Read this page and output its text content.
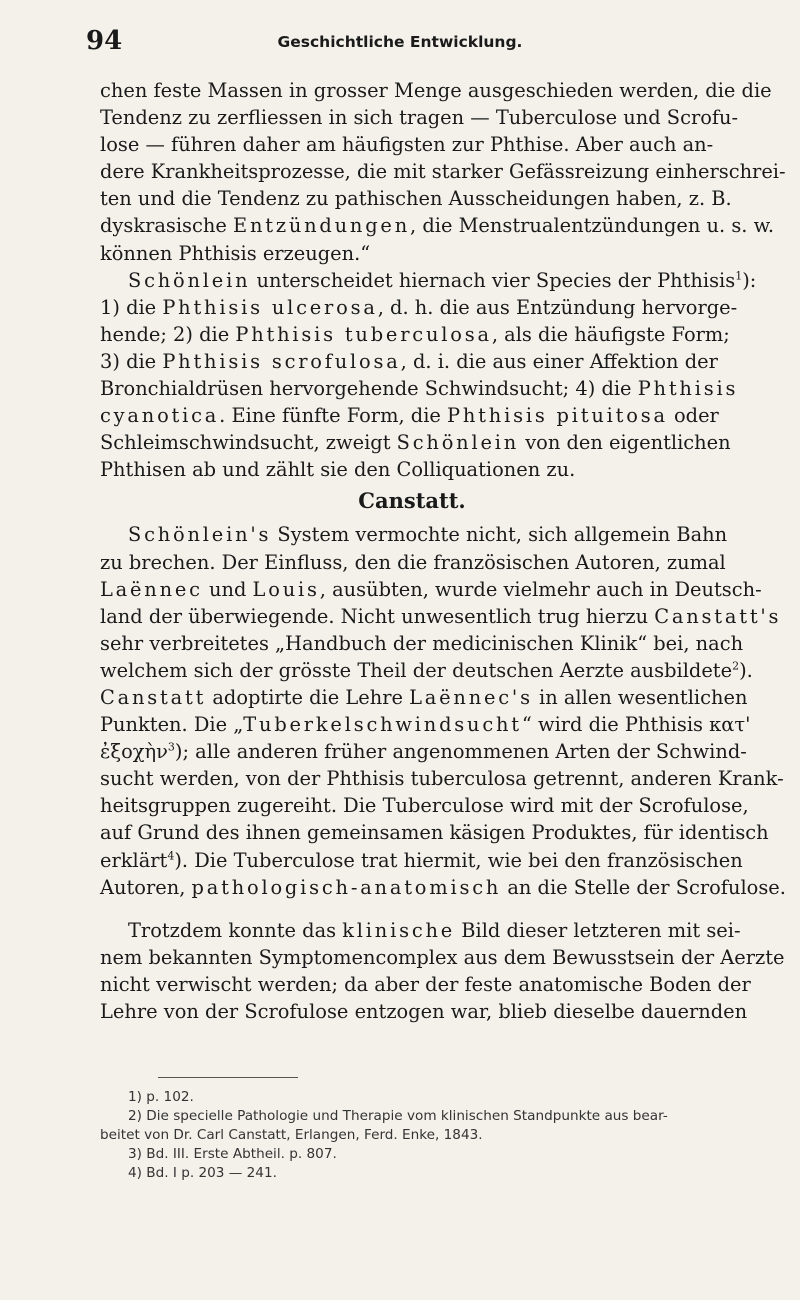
94	Geschichtliche Entwicklung.
chen feste Massen in grosser Menge ausgeschieden werden, die die
Tendenz zu zerfliessen in sich tragen — Tuberculose und Scrofu-
lose — führen daher am häufigsten zur Phthise. Aber auch an-
dere Krankheitsprozesse, die mit starker Gefässreizung einherschrei-
ten und die Tendenz zu pathischen Ausscheidungen haben, z. B.
dyskrasische Entzündungen, die Menstrualentzündungen u. s. w.
können Phthisis erzeugen.“
Schönlein unterscheidet hiernach vier Species der Phthisis$^1$):
1) die Phthisis ulcerosa, d. h. die aus Entzündung hervorge-
hende; 2) die Phthisis tuberculosa, als die häufigste Form;
3) die Phthisis scrofulosa, d. i. die aus einer Affektion der
Bronchialdrüsen hervorgehende Schwindsucht; 4) die Phthisis
cyanotica. Eine fünfte Form, die Phthisis pituitosa oder
Schleimschwindsucht, zweigt Schönlein von den eigentlichen
Phthisen ab und zählt sie den Colliquationen zu.
Canstatt.
Schönlein's System vermochte nicht, sich allgemein Bahn
zu brechen. Der Einfluss, den die französischen Autoren, zumal
Laënnec und Louis, ausübten, wurde vielmehr auch in Deutsch-
land der überwiegende. Nicht unwesentlich trug hierzu Canstatt's
sehr verbreitetes „Handbuch der medicinischen Klinik“ bei, nach
welchem sich der grösste Theil der deutschen Aerzte ausbildete$^2$).
Canstatt adoptirte die Lehre Laënnec's in allen wesentlichen
Punkten. Die „Tuberkelschwindsucht“ wird die Phthisis κατ'
ἐξοχὴν$^3$); alle anderen früher angenommenen Arten der Schwind-
sucht werden, von der Phthisis tuberculosa getrennt, anderen Krank-
heitsgruppen zugereiht. Die Tuberculose wird mit der Scrofulose,
auf Grund des ihnen gemeinsamen käsigen Produktes, für identisch
erklärt$^4$). Die Tuberculose trat hiermit, wie bei den französischen
Autoren, pathologisch-anatomisch an die Stelle der Scrofulose.
Trotzdem konnte das klinische Bild dieser letzteren mit sei-
nem bekannten Symptomencomplex aus dem Bewusstsein der Aerzte
nicht verwischt werden; da aber der feste anatomische Boden der
Lehre von der Scrofulose entzogen war, blieb dieselbe dauernden
1) p. 102.
2) Die specielle Pathologie und Therapie vom klinischen Standpunkte aus bear-
beitet von Dr. Carl Canstatt, Erlangen, Ferd. Enke, 1843.
3) Bd. III. Erste Abtheil. p. 807.
4) Bd. I p. 203 — 241.
